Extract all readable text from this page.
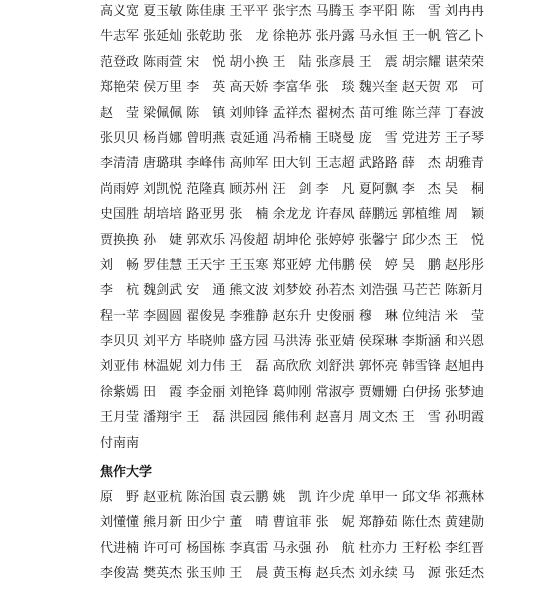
高义宽 夏玉敏 陈佳康 王平平 张宇杰 马腾玉 李平阳 陈　雪 刘冉冉
牛志军 张延灿 张乾助 张　龙 徐艳苏 张丹露 马永恒 王一帆 管乙卜
范登政 陈雨萱 宋　悦 胡小换 王　陆 张彦晨 王　震 胡宗耀 谌荣荣
郑艳荣 侯万里 李　英 高天娇 李富华 张　琰 魏兴奎 赵天贺 邓　可
赵　莹 梁佩佩 陈　镇 刘帅锋 孟祥杰 翟树杰 苗可维 陈兰萍 丁春波
张贝贝 杨肖娜 曾明燕 袁延通 冯希楠 王晓曼 庞　雪 党进芳 王子琴
李清清 唐璐琪 李峰伟 高帅军 田大钊 王志超 武路路 薛　杰 胡雅青
尚雨婷 刘凯悦 范隆真 顾苏州 汪　剑 李　凡 夏阿飘 李　杰 吴　桐
史国胜 胡培培 路亚男 张　楠 余龙龙 许春凤 薛鹏远 郭植维 周　颖
贾换换 孙　婕 郭欢乐 冯俊超 胡坤伦 张婷婷 张馨宁 邱少杰 王　悦
刘　畅 罗佳慧 王天宇 王玉寒 郑亚婷 尤伟鹏 侯　婷 吴　鹏 赵彤彤
李　杭 魏剑武 安　通 熊文波 刘梦姣 孙若杰 刘浩强 马芒芒 陈新月
程一苹 李圆圆 翟俊晃 李雅静 赵东升 史俊丽 穆　琳 位纯洁 米　莹
李贝贝 刘平方 毕晓帅 盛方园 马洪涛 张亚婧 侯琛琳 李斯涵 和兴恩
刘亚伟 林温妮 刘力伟 王　磊 高欣欣 刘舒洪 郭怀亮 韩雪锋 赵旭冉
徐紫嫣 田　霞 李金丽 刘艳锋 葛帅刚 常淑亭 贾姗姗 白伊扬 张梦迪
王月莹 潘翔宇 王　磊 洪园园 熊伟利 赵喜月 周文杰 王　雪 孙明霞
付南南
焦作大学
原　野 赵亚杭 陈治国 袁云鹏 姚　凯 许少虎 单甲一 邱文华 祁燕林
刘懂懂 熊月新 田少宁 董　晴 曹谊菲 张　妮 郑静茹 陈仕杰 黄建勋
代进楠 许可可 杨国栋 李真雷 马永强 孙　航 杜亦力 王籽松 李红晋
李俊嵩 樊英杰 张玉帅 王　晨 黄玉梅 赵兵杰 刘永续 马　源 张廷杰
